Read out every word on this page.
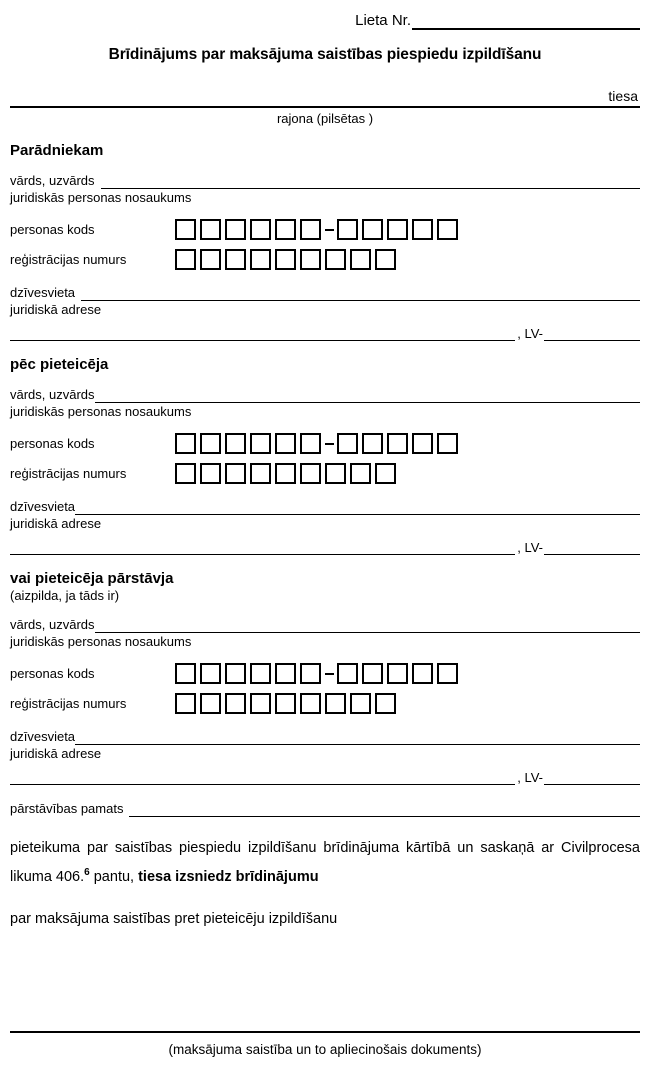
Lieta Nr.
Brīdinājums par maksājuma saistības piespiedu izpildīšanu
tiesa
rajona (pilsētas )
Parādniekam
vārds, uzvārds
juridiskās personas nosaukums
personas kods
reģistrācijas numurs
dzīvesvieta
juridiskā adrese
, LV-
pēc pieteicēja
vārds, uzvārds
juridiskās personas nosaukums
personas kods
reģistrācijas numurs
dzīvesvieta
juridiskā adrese
, LV-
vai pieteicēja pārstāvja
(aizpilda, ja tāds ir)
vārds, uzvārds
juridiskās personas nosaukums
personas kods
reģistrācijas numurs
dzīvesvieta
juridiskā adrese
, LV-
pārstāvības pamats
pieteikuma par saistības piespiedu izpildīšanu brīdinājuma kārtībā un saskaņā ar Civilprocesa likuma 406.$^6$ pantu, tiesa izsniedz brīdinājumu
par maksājuma saistības pret pieteicēju izpildīšanu
(maksājuma saistība un to apliecinošais dokuments)
